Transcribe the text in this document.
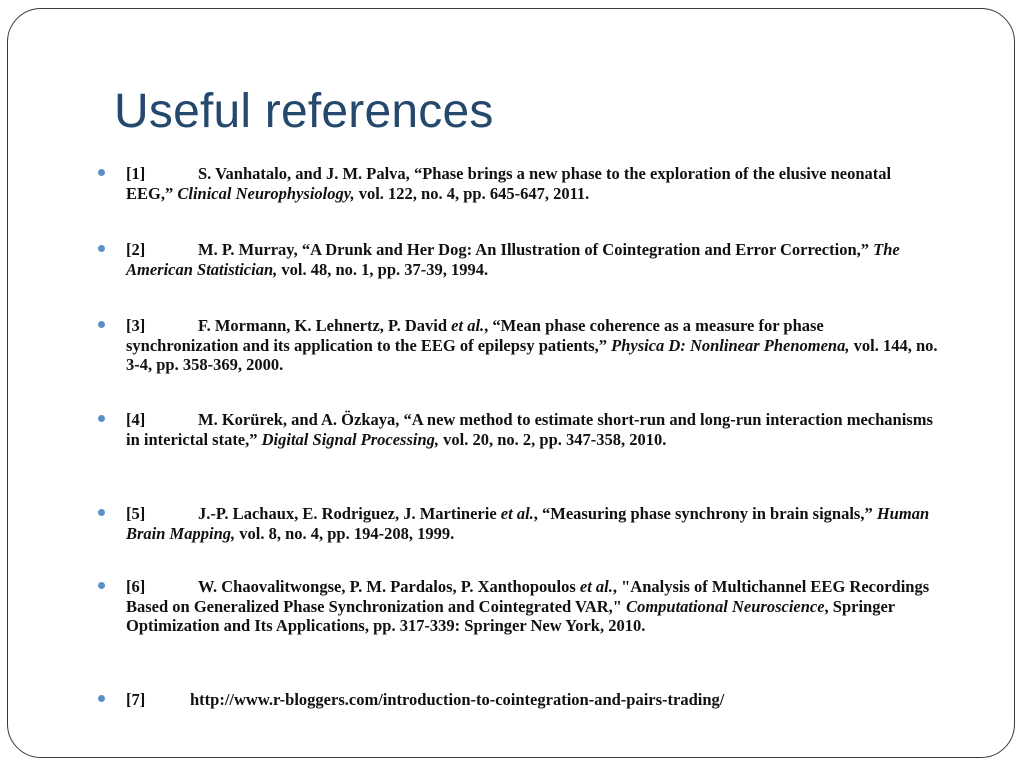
Useful references
[1]	S. Vanhatalo, and J. M. Palva, “Phase brings a new phase to the exploration of the elusive neonatal EEG,” Clinical Neurophysiology, vol. 122, no. 4, pp. 645-647, 2011.
[2]	M. P. Murray, “A Drunk and Her Dog: An Illustration of Cointegration and Error Correction,” The American Statistician, vol. 48, no. 1, pp. 37-39, 1994.
[3]	F. Mormann, K. Lehnertz, P. David et al., “Mean phase coherence as a measure for phase synchronization and its application to the EEG of epilepsy patients,” Physica D: Nonlinear Phenomena, vol. 144, no. 3-4, pp. 358-369, 2000.
[4]	M. Korürek, and A. Özkaya, “A new method to estimate short-run and long-run interaction mechanisms in interictal state,” Digital Signal Processing, vol. 20, no. 2, pp. 347-358, 2010.
[5]	J.-P. Lachaux, E. Rodriguez, J. Martinerie et al., “Measuring phase synchrony in brain signals,” Human Brain Mapping, vol. 8, no. 4, pp. 194-208, 1999.
[6]	W. Chaovalitwongse, P. M. Pardalos, P. Xanthopoulos et al., "Analysis of Multichannel EEG Recordings Based on Generalized Phase Synchronization and Cointegrated VAR," Computational Neuroscience, Springer Optimization and Its Applications, pp. 317-339: Springer New York, 2010.
[7]	http://www.r-bloggers.com/introduction-to-cointegration-and-pairs-trading/
